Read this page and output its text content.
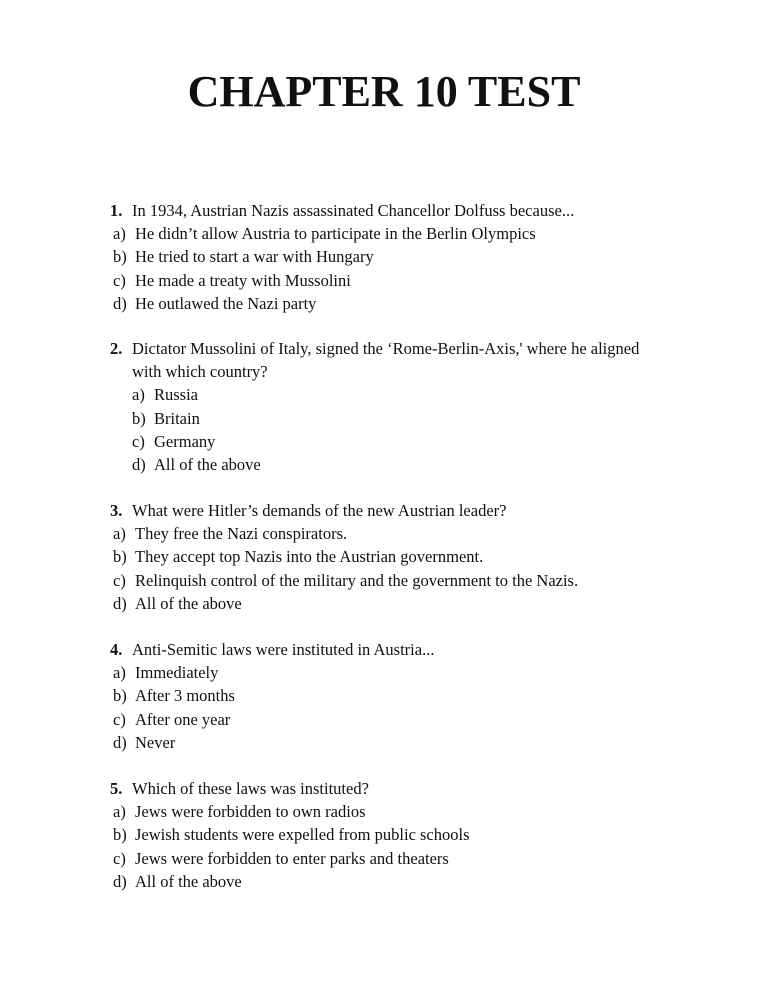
CHAPTER 10 TEST
1. In 1934, Austrian Nazis assassinated Chancellor Dolfuss because...
a) He didn’t allow Austria to participate in the Berlin Olympics
b) He tried to start a war with Hungary
c) He made a treaty with Mussolini
d) He outlawed the Nazi party
2. Dictator Mussolini of Italy, signed the ‘Rome-Berlin-Axis,' where he aligned
with which country?
a) Russia
b) Britain
c) Germany
d) All of the above
3. What were Hitler’s demands of the new Austrian leader?
a) They free the Nazi conspirators.
b) They accept top Nazis into the Austrian government.
c) Relinquish control of the military and the government to the Nazis.
d) All of the above
4. Anti-Semitic laws were instituted in Austria...
a) Immediately
b) After 3 months
c) After one year
d) Never
5. Which of these laws was instituted?
a) Jews were forbidden to own radios
b) Jewish students were expelled from public schools
c) Jews were forbidden to enter parks and theaters
d) All of the above
